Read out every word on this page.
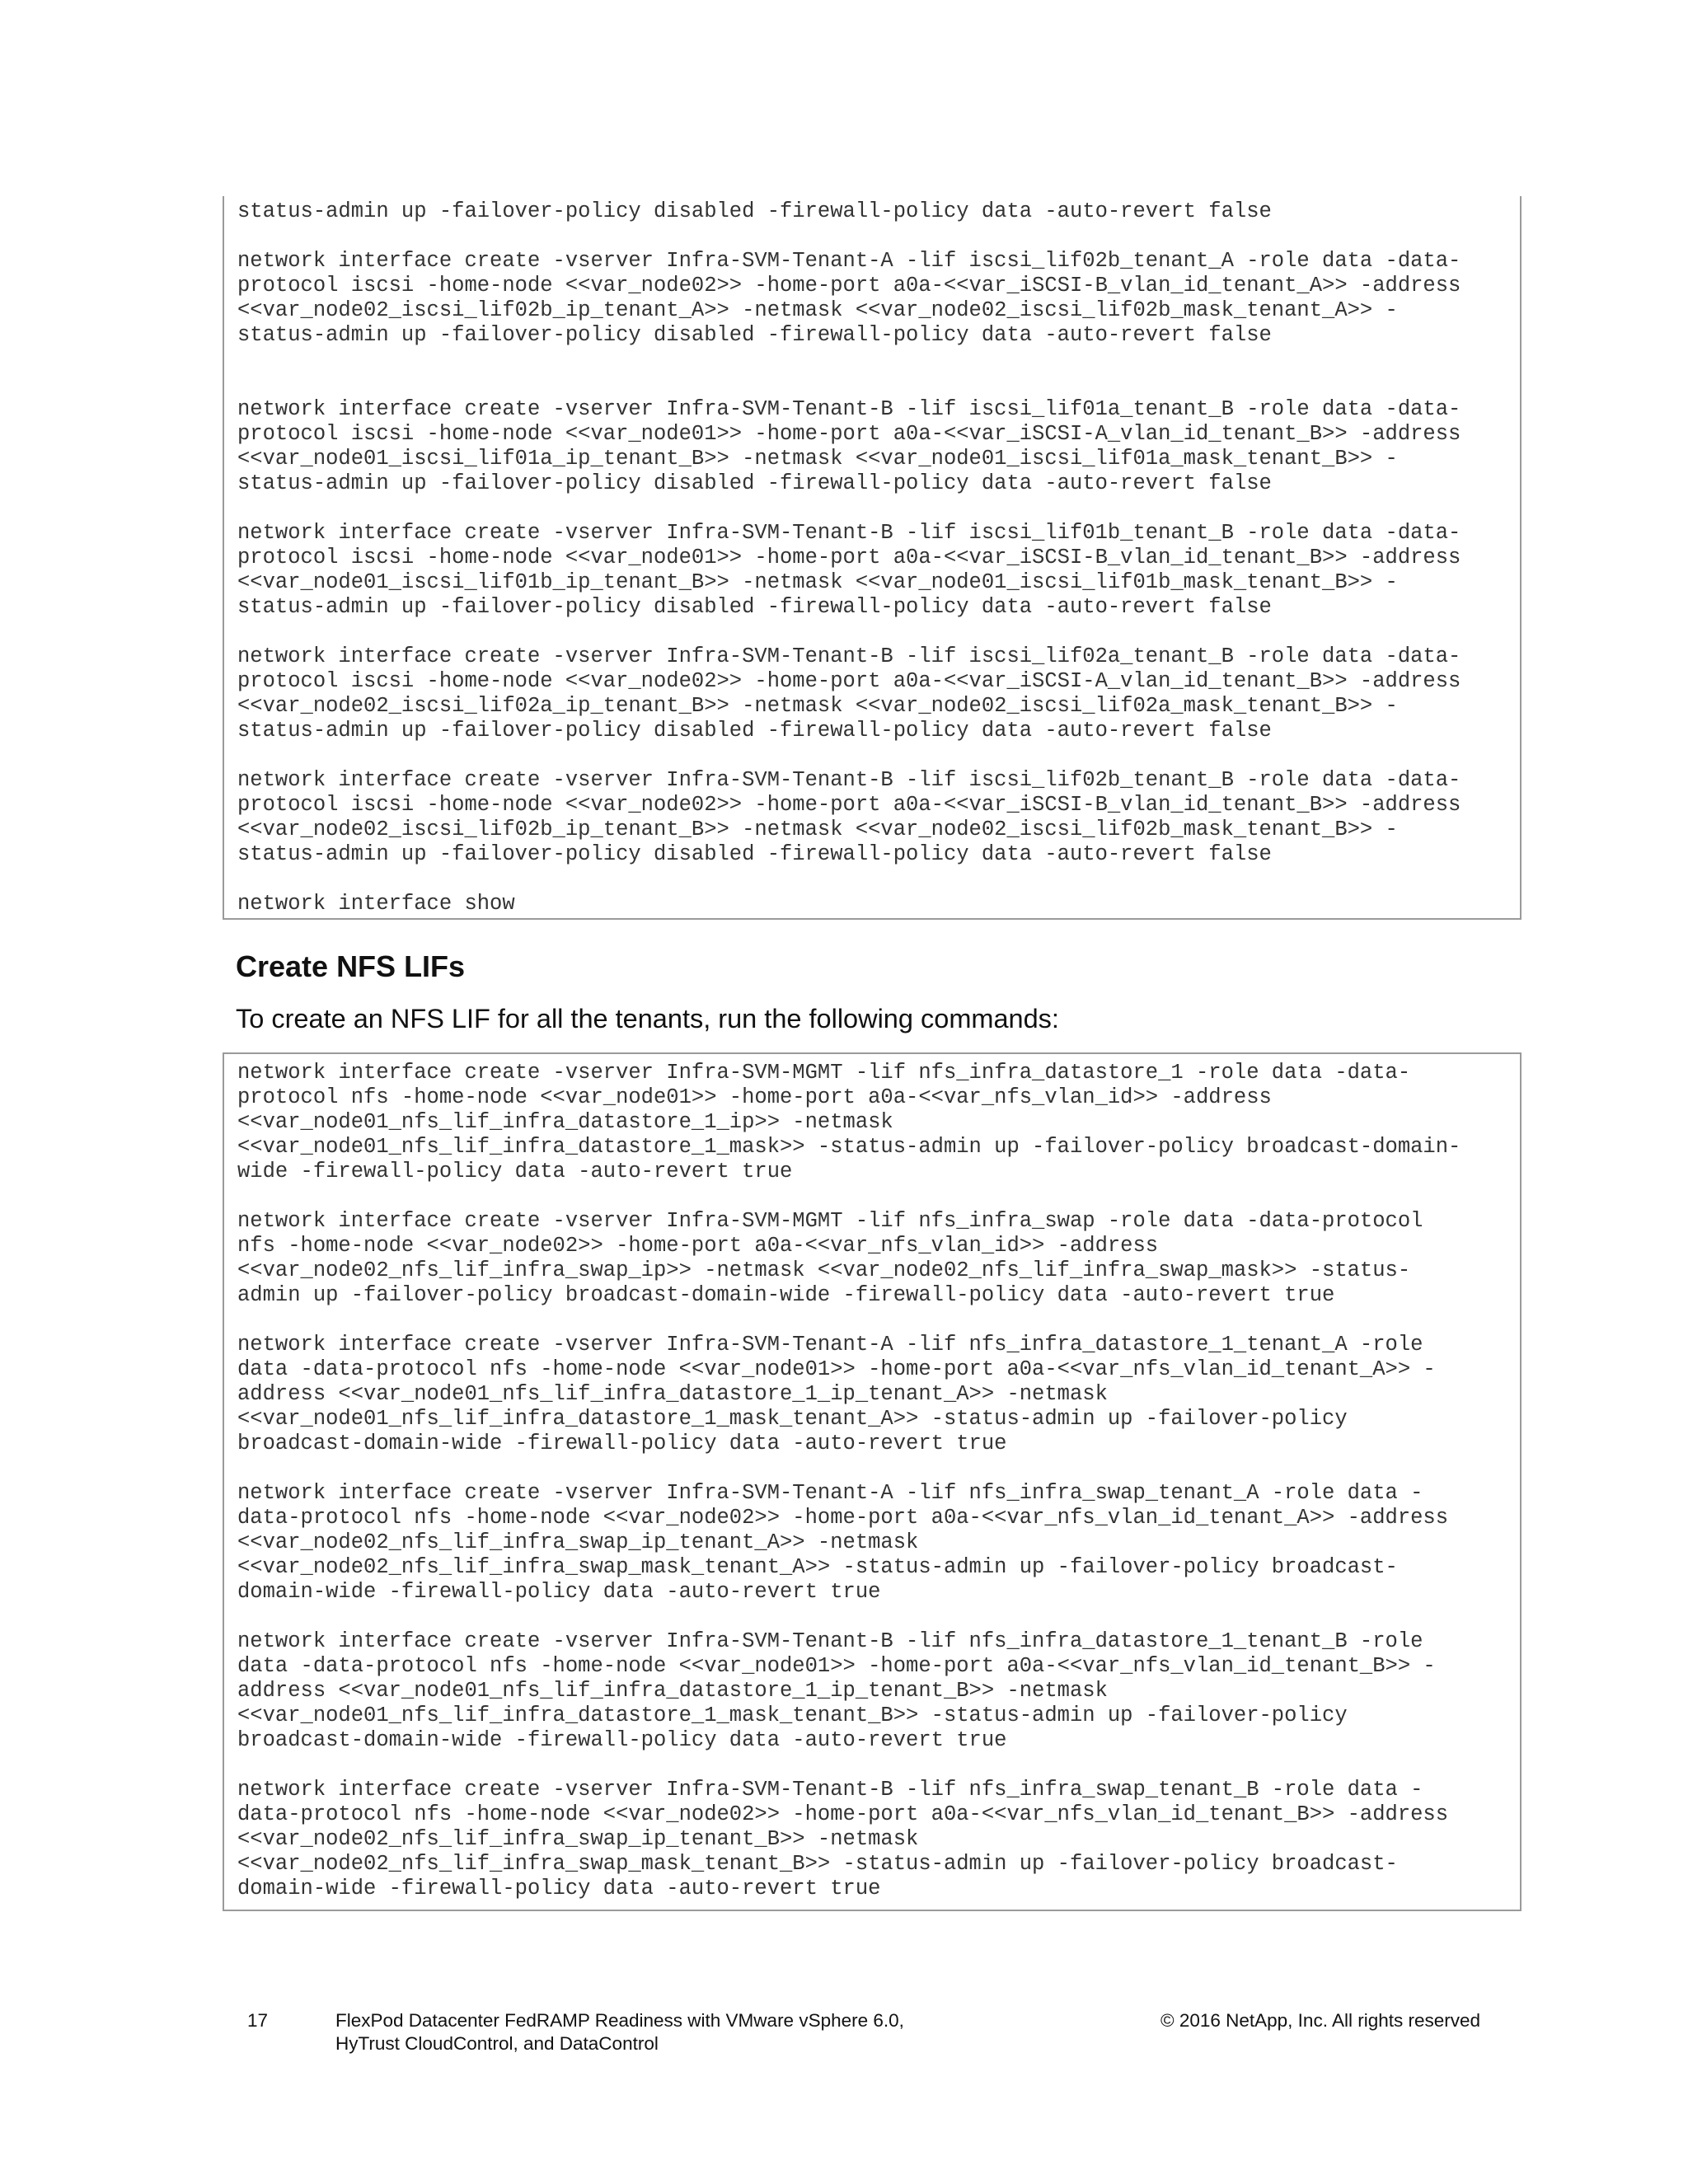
status-admin up -failover-policy disabled -firewall-policy data -auto-revert false
network interface create -vserver Infra-SVM-Tenant-A -lif iscsi_lif02b_tenant_A -role data -data-
protocol iscsi -home-node <<var_node02>> -home-port a0a-<<var_iSCSI-B_vlan_id_tenant_A>> -address
<<var_node02_iscsi_lif02b_ip_tenant_A>> -netmask <<var_node02_iscsi_lif02b_mask_tenant_A>> -
status-admin up -failover-policy disabled -firewall-policy data -auto-revert false
network interface create -vserver Infra-SVM-Tenant-B -lif iscsi_lif01a_tenant_B -role data -data-
protocol iscsi -home-node <<var_node01>> -home-port a0a-<<var_iSCSI-A_vlan_id_tenant_B>> -address
<<var_node01_iscsi_lif01a_ip_tenant_B>> -netmask <<var_node01_iscsi_lif01a_mask_tenant_B>> -
status-admin up -failover-policy disabled -firewall-policy data -auto-revert false
network interface create -vserver Infra-SVM-Tenant-B -lif iscsi_lif01b_tenant_B -role data -data-
protocol iscsi -home-node <<var_node01>> -home-port a0a-<<var_iSCSI-B_vlan_id_tenant_B>> -address
<<var_node01_iscsi_lif01b_ip_tenant_B>> -netmask <<var_node01_iscsi_lif01b_mask_tenant_B>> -
status-admin up -failover-policy disabled -firewall-policy data -auto-revert false
network interface create -vserver Infra-SVM-Tenant-B -lif iscsi_lif02a_tenant_B -role data -data-
protocol iscsi -home-node <<var_node02>> -home-port a0a-<<var_iSCSI-A_vlan_id_tenant_B>> -address
<<var_node02_iscsi_lif02a_ip_tenant_B>> -netmask <<var_node02_iscsi_lif02a_mask_tenant_B>> -
status-admin up -failover-policy disabled -firewall-policy data -auto-revert false
network interface create -vserver Infra-SVM-Tenant-B -lif iscsi_lif02b_tenant_B -role data -data-
protocol iscsi -home-node <<var_node02>> -home-port a0a-<<var_iSCSI-B_vlan_id_tenant_B>> -address
<<var_node02_iscsi_lif02b_ip_tenant_B>> -netmask <<var_node02_iscsi_lif02b_mask_tenant_B>> -
status-admin up -failover-policy disabled -firewall-policy data -auto-revert false
network interface show
Create NFS LIFs

To create an NFS LIF for all the tenants, run the following commands:

network interface create -vserver Infra-SVM-MGMT -lif nfs_infra_datastore_1 -role data -data-
protocol nfs -home-node <<var_node01>> -home-port a0a-<<var_nfs_vlan_id>> -address
<<var_node01_nfs_lif_infra_datastore_1_ip>> -netmask
<<var_node01_nfs_lif_infra_datastore_1_mask>> -status-admin up -failover-policy broadcast-domain-
wide -firewall-policy data -auto-revert true
network interface create -vserver Infra-SVM-MGMT -lif nfs_infra_swap -role data -data-protocol
nfs -home-node <<var_node02>> -home-port a0a-<<var_nfs_vlan_id>> -address
<<var_node02_nfs_lif_infra_swap_ip>> -netmask <<var_node02_nfs_lif_infra_swap_mask>> -status-
admin up -failover-policy broadcast-domain-wide -firewall-policy data -auto-revert true
network interface create -vserver Infra-SVM-Tenant-A -lif nfs_infra_datastore_1_tenant_A -role
data -data-protocol nfs -home-node <<var_node01>> -home-port a0a-<<var_nfs_vlan_id_tenant_A>> -
address <<var_node01_nfs_lif_infra_datastore_1_ip_tenant_A>> -netmask
<<var_node01_nfs_lif_infra_datastore_1_mask_tenant_A>> -status-admin up -failover-policy
broadcast-domain-wide -firewall-policy data -auto-revert true
network interface create -vserver Infra-SVM-Tenant-A -lif nfs_infra_swap_tenant_A -role data -
data-protocol nfs -home-node <<var_node02>> -home-port a0a-<<var_nfs_vlan_id_tenant_A>> -address
<<var_node02_nfs_lif_infra_swap_ip_tenant_A>> -netmask
<<var_node02_nfs_lif_infra_swap_mask_tenant_A>> -status-admin up -failover-policy broadcast-
domain-wide -firewall-policy data -auto-revert true
network interface create -vserver Infra-SVM-Tenant-B -lif nfs_infra_datastore_1_tenant_B -role
data -data-protocol nfs -home-node <<var_node01>> -home-port a0a-<<var_nfs_vlan_id_tenant_B>> -
address <<var_node01_nfs_lif_infra_datastore_1_ip_tenant_B>> -netmask
<<var_node01_nfs_lif_infra_datastore_1_mask_tenant_B>> -status-admin up -failover-policy
broadcast-domain-wide -firewall-policy data -auto-revert true
network interface create -vserver Infra-SVM-Tenant-B -lif nfs_infra_swap_tenant_B -role data -
data-protocol nfs -home-node <<var_node02>> -home-port a0a-<<var_nfs_vlan_id_tenant_B>> -address
<<var_node02_nfs_lif_infra_swap_ip_tenant_B>> -netmask
<<var_node02_nfs_lif_infra_swap_mask_tenant_B>> -status-admin up -failover-policy broadcast-
domain-wide -firewall-policy data -auto-revert true
17	FlexPod Datacenter FedRAMP Readiness with VMware vSphere 6.0, HyTrust CloudControl, and DataControl
© 2016 NetApp, Inc. All rights reserved
